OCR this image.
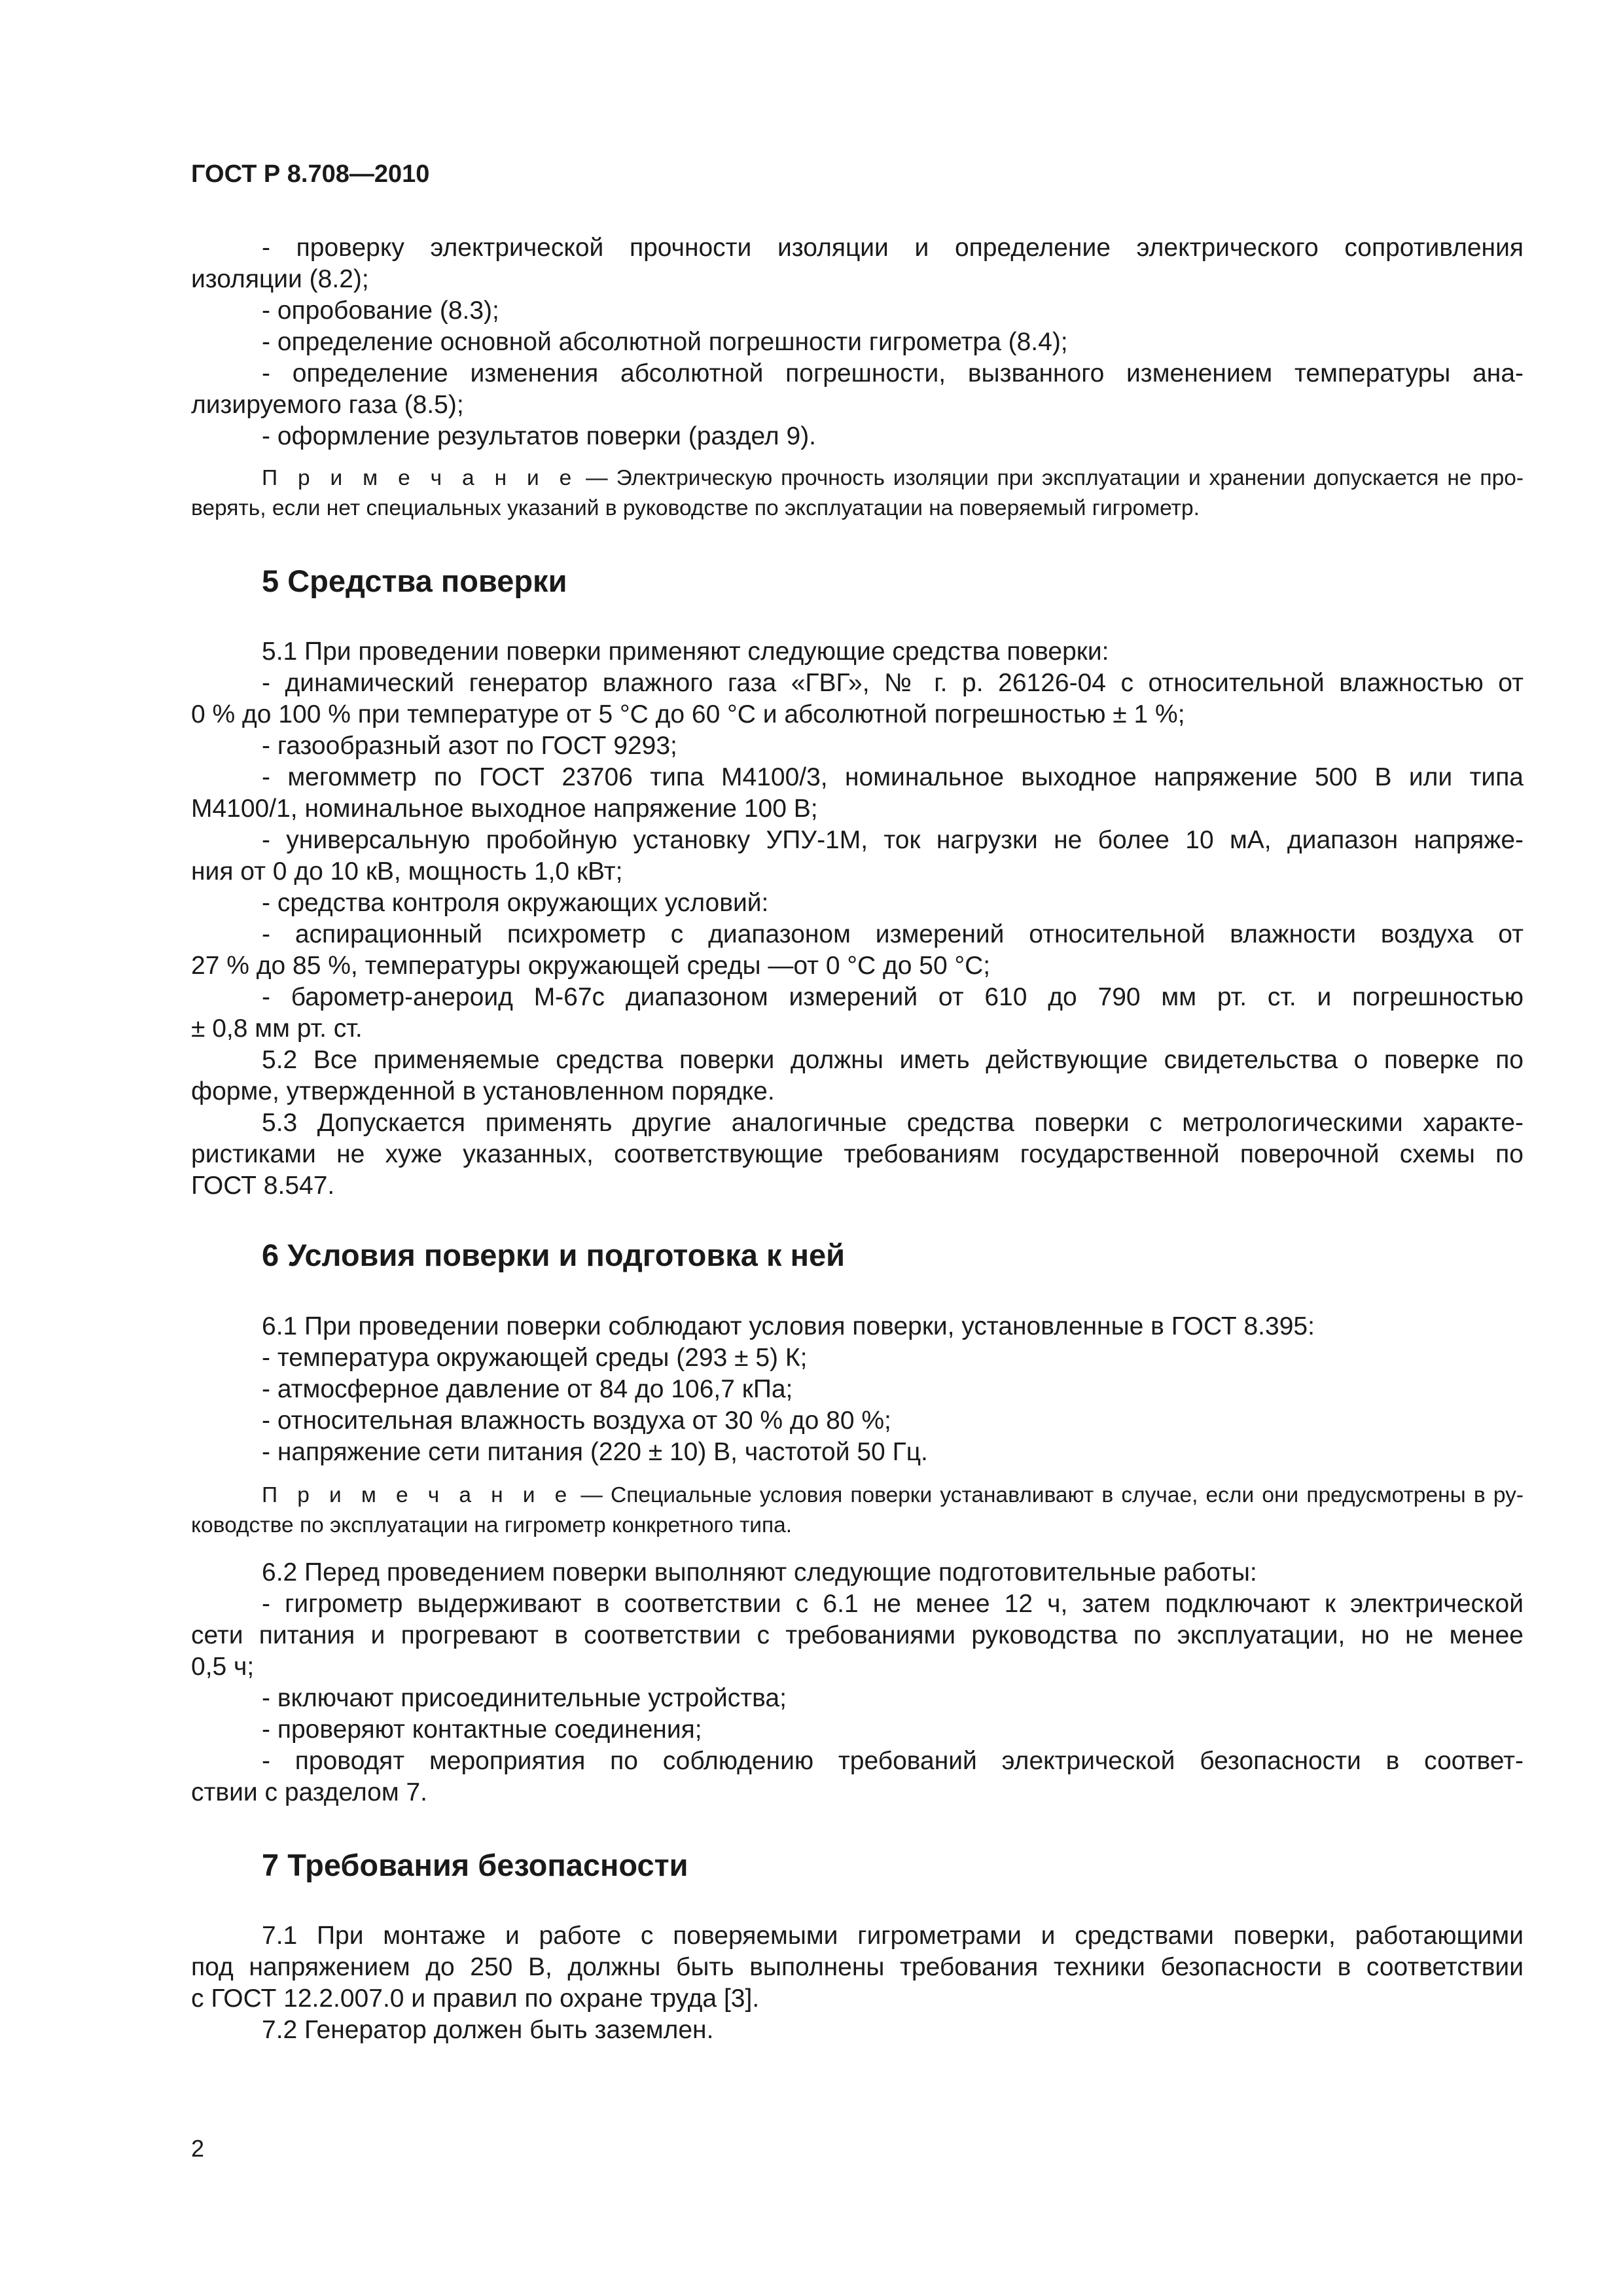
ГОСТ Р 8.708—2010
- проверку электрической прочности изоляции и определение электрического сопротивления
изоляции (8.2);
- опробование (8.3);
- определение основной абсолютной погрешности гигрометра (8.4);
- определение изменения абсолютной погрешности, вызванного изменением температуры ана-
лизируемого газа (8.5);
- оформление результатов поверки (раздел 9).
П р и м е ч а н и е — Электрическую прочность изоляции при эксплуатации и хранении допускается не про-
верять, если нет специальных указаний в руководстве по эксплуатации на поверяемый гигрометр.
5 Средства поверки
5.1 При проведении поверки применяют следующие средства поверки:
- динамический генератор влажного газа «ГВГ», № г. р. 26126-04 с относительной влажностью от
0 % до 100 % при температуре от 5 °С до 60 °С и абсолютной погрешностью ± 1 %;
- газообразный азот по ГОСТ 9293;
- мегомметр по ГОСТ 23706 типа М4100/3, номинальное выходное напряжение 500 В или типа
М4100/1, номинальное выходное напряжение 100 В;
- универсальную пробойную установку УПУ-1М, ток нагрузки не более 10 мА, диапазон напряже-
ния от 0 до 10 кВ, мощность 1,0 кВт;
- средства контроля окружающих условий:
- аспирационный психрометр с диапазоном измерений относительной влажности воздуха от
27 % до 85 %, температуры окружающей среды —от 0 °С до 50 °С;
- барометр-анероид М-67с диапазоном измерений от 610 до 790 мм рт. ст. и погрешностью
± 0,8 мм рт. ст.
5.2 Все применяемые средства поверки должны иметь действующие свидетельства о поверке по
форме, утвержденной в установленном порядке.
5.3 Допускается применять другие аналогичные средства поверки с метрологическими характе-
ристиками не хуже указанных, соответствующие требованиям государственной поверочной схемы по
ГОСТ 8.547.
6 Условия поверки и подготовка к ней
6.1 При проведении поверки соблюдают условия поверки, установленные в ГОСТ 8.395:
- температура окружающей среды (293 ± 5) К;
- атмосферное давление от 84 до 106,7 кПа;
- относительная влажность воздуха от 30 % до 80 %;
- напряжение сети питания (220 ± 10) В, частотой 50 Гц.
П р и м е ч а н и е — Специальные условия поверки устанавливают в случае, если они предусмотрены в ру-
ководстве по эксплуатации на гигрометр конкретного типа.
6.2 Перед проведением поверки выполняют следующие подготовительные работы:
- гигрометр выдерживают в соответствии с 6.1 не менее 12 ч, затем подключают к электрической
сети питания и прогревают в соответствии с требованиями руководства по эксплуатации, но не менее
0,5 ч;
- включают присоединительные устройства;
- проверяют контактные соединения;
- проводят мероприятия по соблюдению требований электрической безопасности в соответ-
ствии с разделом 7.
7 Требования безопасности
7.1 При монтаже и работе с поверяемыми гигрометрами и средствами поверки, работающими
под напряжением до 250 В, должны быть выполнены требования техники безопасности в соответствии
с ГОСТ 12.2.007.0 и правил по охране труда [3].
7.2 Генератор должен быть заземлен.
2
